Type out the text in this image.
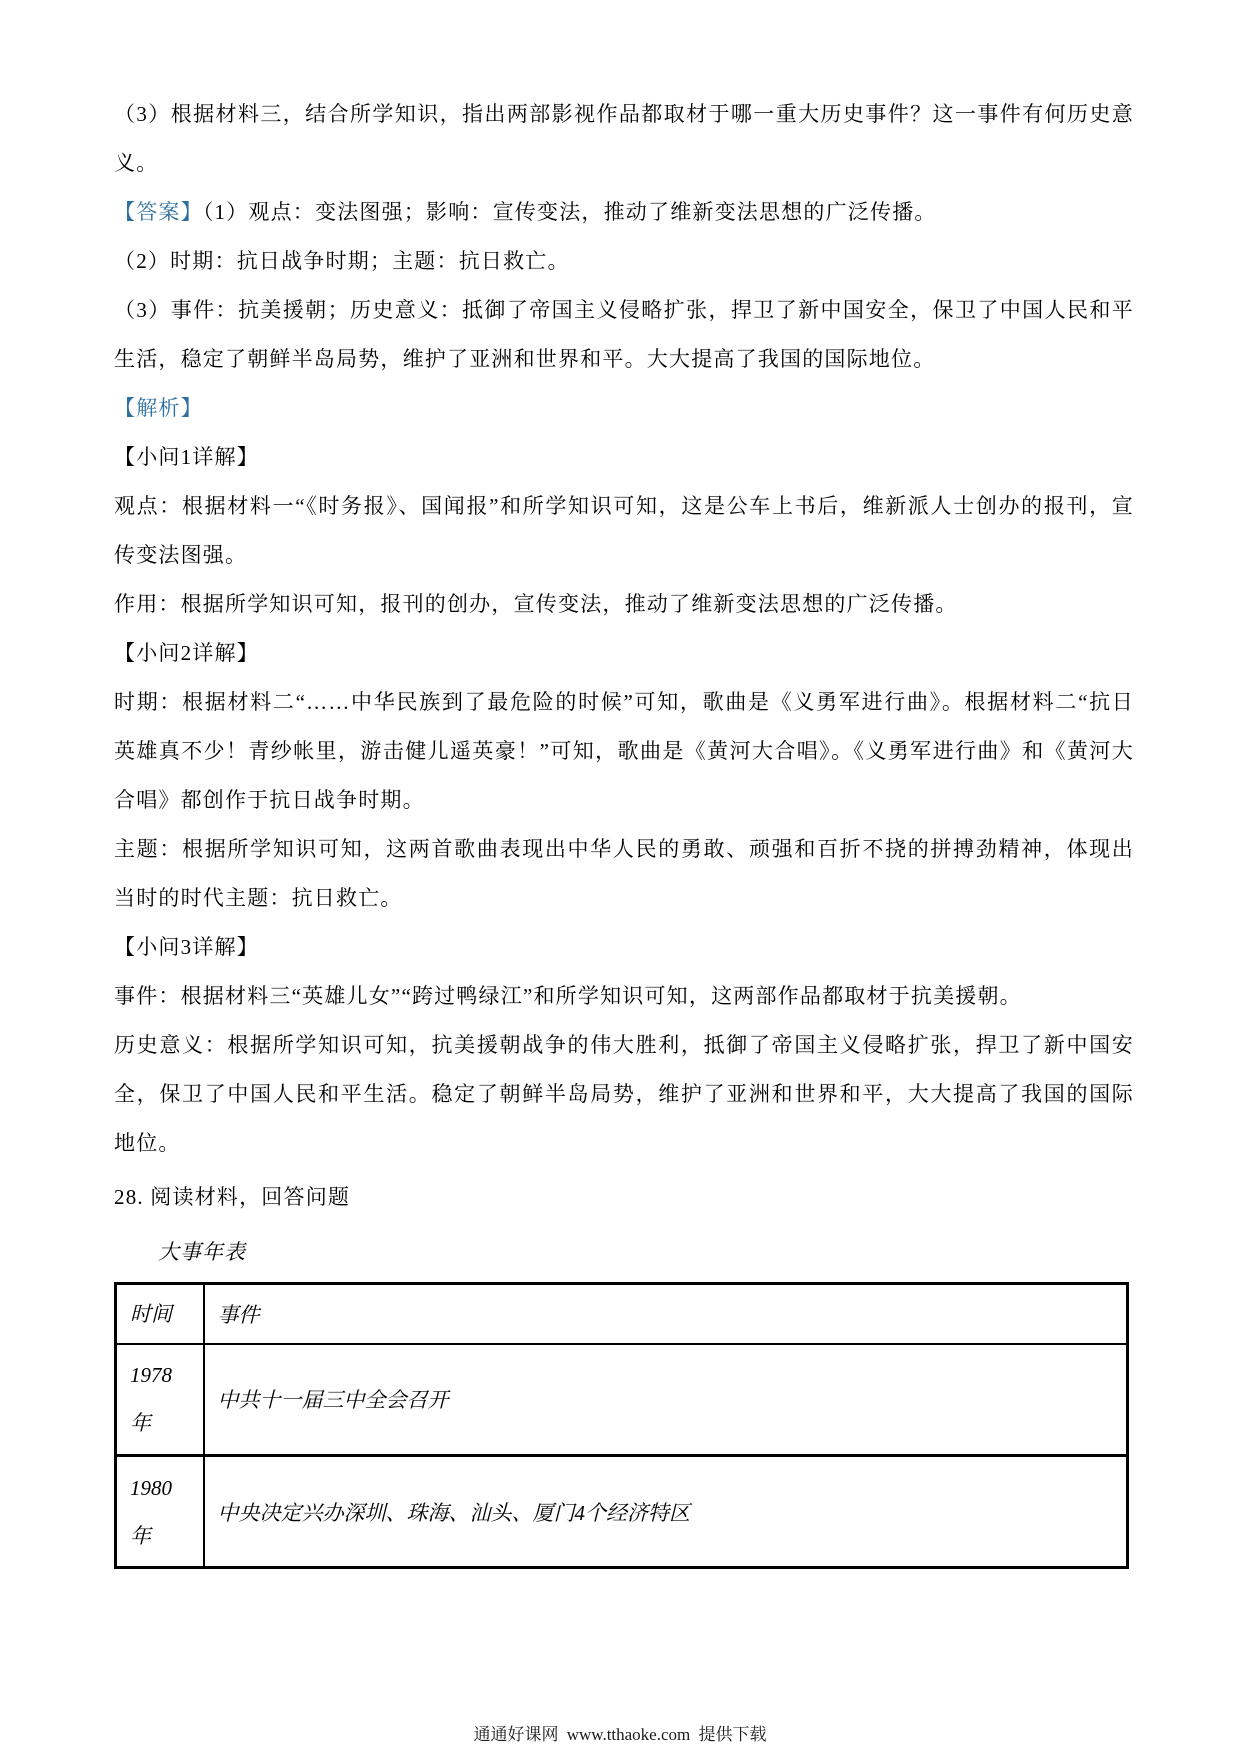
（3）根据材料三，结合所学知识，指出两部影视作品都取材于哪一重大历史事件？这一事件有何历史意义。

【答案】（1）观点：变法图强；影响：宣传变法，推动了维新变法思想的广泛传播。

（2）时期：抗日战争时期；主题：抗日救亡。

（3）事件：抗美援朝；历史意义：抵御了帝国主义侵略扩张，捍卫了新中国安全，保卫了中国人民和平生活，稳定了朝鲜半岛局势，维护了亚洲和世界和平。大大提高了我国的国际地位。

【解析】

【小问1详解】

观点：根据材料一“《时务报》、国闻报”和所学知识可知，这是公车上书后，维新派人士创办的报刊，宣传变法图强。

作用：根据所学知识可知，报刊的创办，宣传变法，推动了维新变法思想的广泛传播。

【小问2详解】

时期：根据材料二“……中华民族到了最危险的时候”可知，歌曲是《义勇军进行曲》。根据材料二“抗日英雄真不少！青纱帐里，游击健儿遥英豪！”可知，歌曲是《黄河大合唱》。《义勇军进行曲》和《黄河大合唱》都创作于抗日战争时期。

主题：根据所学知识可知，这两首歌曲表现出中华人民的勇敢、顽强和百折不挠的拼搏劲精神，体现出当时的时代主题：抗日救亡。

【小问3详解】

事件：根据材料三“英雄儿女”“跨过鸭绿江”和所学知识可知，这两部作品都取材于抗美援朝。

历史意义：根据所学知识可知，抗美援朝战争的伟大胜利，抵御了帝国主义侵略扩张，捍卫了新中国安全，保卫了中国人民和平生活。稳定了朝鲜半岛局势，维护了亚洲和世界和平，大大提高了我国的国际地位。

28. 阅读材料，回答问题

大事年表

时间	事件
1978年	中共十一届三中全会召开
1980年	中央决定兴办深圳、珠海、汕头、厦门4个经济特区
通通好课网 www.tthaoke.com 提供下载
